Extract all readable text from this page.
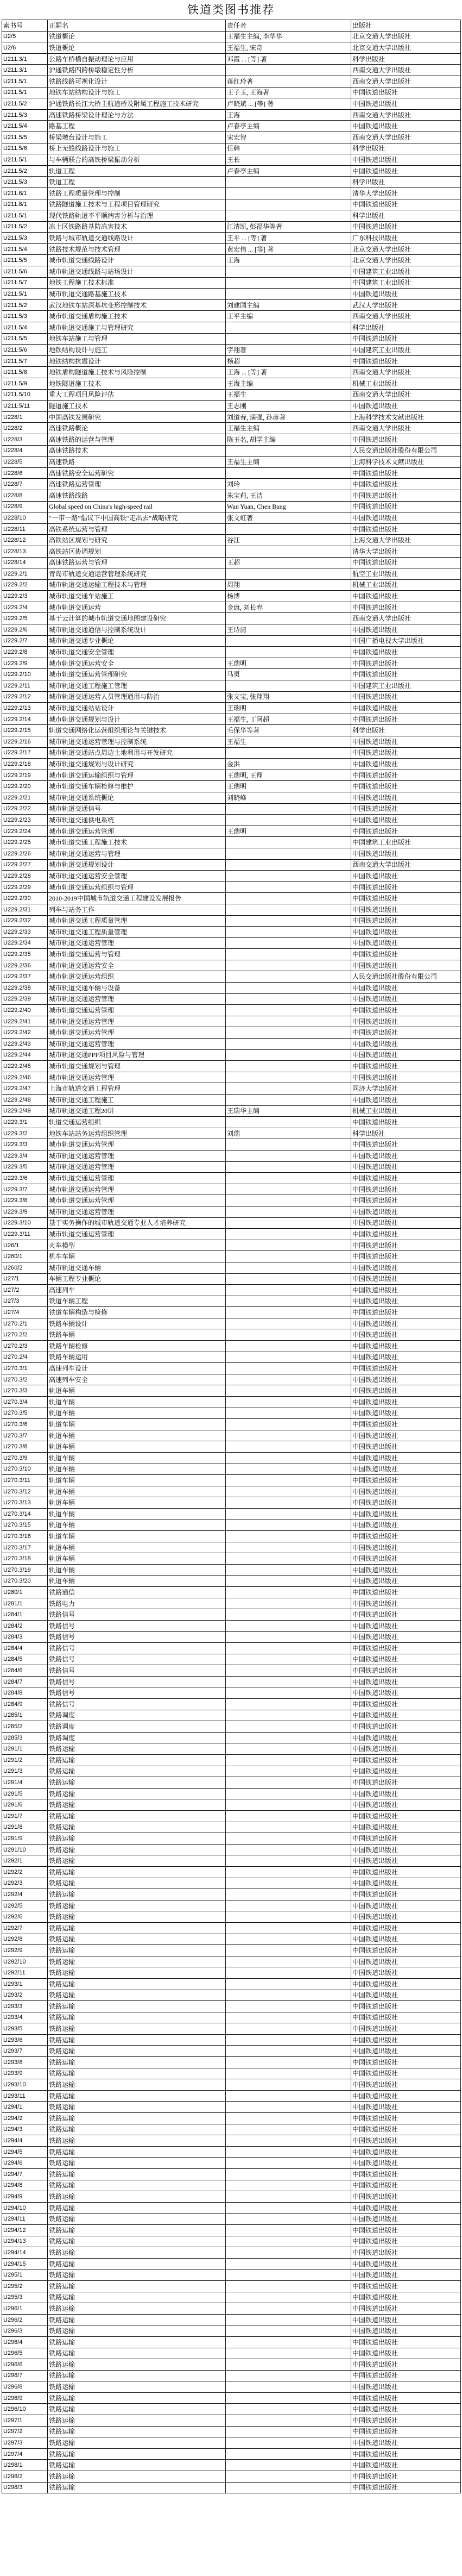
铁道类图书推荐
索书号	正题名	责任者	出版社
U2/5	铁道概论	王福生主编, 李华华	北京交通大学出版社
U2/6	铁道概论	王福生, 宋奇	北京交通大学出版社
U211.3/1	公路车桥横自振动理论与应用	邓霞 ... [等] 著	科学出版社
U211.3/1	沪通铁路四跨桥墩稳定性分析		西南交通大学出版社
U211.5/1	铁路线路可视化设计	蒋红玲著	西南交通大学出版社
U211.5/1	地铁车站结构设计与施工	王子玉, 王海著	中国铁道出版社
U211.5/2	沪通铁路长江大桥主航道桥及附属工程施工技术研究	卢晓斌 ... [等] 著	中国铁道出版社
U211.5/3	高速铁路桥梁设计理论与方法	王海	西南交通大学出版社
U211.5/4	路基工程	卢春亭主编	中国铁道出版社
U211.5/5	桥梁墩台设计与施工	宋宏智	西南交通大学出版社
U211.5/6	桥上无缝线路设计与施工	任韩	科学出版社
U211.5/1	与车辆联合的高铁桥梁振动分析	王长	中国铁道出版社
U211.5/2	轨道工程	卢春亭主编	中国铁道出版社
U211.5/3	铁道工程		科学出版社
U211.6/1	铁路工程质量管理与控制		清华大学出版社
U211.8/1	铁路隧道施工技术与工程项目管理研究		中国铁道出版社
U211.5/1	现代铁路轨道不平顺病害分析与治理		科学出版社
U211.5/2	冻土区铁路路基防冻害技术	江清凯, 彭福华等著	中国铁道出版社
U211.5/3	铁路与城市轨道交通线路设计	王平 ... [等] 著	广东科技出版社
U211.5/4	铁路技术规范与技术管理	黄宏伟 ... [等] 著	北京交通大学出版社
U211.5/5	城市轨道交通线路设计	王海	北京交通大学出版社
U211.5/6	城市轨道交通线路与站场设计		中国建筑工业出版社
U211.5/7	地铁工程施工技术标准		中国建筑工业出版社
U211.5/1	城市轨道交通路基施工技术		中国铁道出版社
U211.5/2	武汉地铁车站深基坑变形控制技术	刘建国主编	武汉大学出版社
U211.5/3	城市轨道交通盾构施工技术	王平主编	西南交通大学出版社
U211.5/4	城市轨道交通施工与管理研究		科学出版社
U211.5/5	地铁车站施工与管理		中国铁道出版社
U211.5/6	地铁结构设计与施工	宇翔著	中国建筑工业出版社
U211.5/7	地铁结构抗震设计	杨超	中国铁道出版社
U211.5/8	地铁盾构隧道施工技术与风险控制	王海 ... [等] 著	西南交通大学出版社
U211.5/9	地铁隧道施工技术	王海主编	机械工业出版社
U211.5/10	重大工程项目风险评估	王福生	西南交通大学出版社
U211.5/11	隧道施工技术	王志刚	中国铁道出版社
U228/1	中国高铁发展研究	刘道春, 蒲强, 孙彦著	上海科学技术文献出版社
U228/2	高速铁路概论	王福生主编	西南交通大学出版社
U228/3	高速铁路的运营与管理	陈玉名, 胡学主编	中国铁道出版社
U228/4	高速铁路技术		人民交通出版社股份有限公司
U228/5	高速铁路	王福生主编	上海科学技术文献出版社
U228/6	高速铁路安全运营研究		中国铁道出版社
U228/7	高速铁路运营管理	刘玲	中国铁道出版社
U228/8	高速铁路线路	朱宝莉, 王洁	中国铁道出版社
U228/9	Global speed on China's high-speed rail	Wan Yuan, Chen Bang	中国铁道出版社
U228/10	“一带一路”倡议下中国高铁“走出去”战略研究	张文虹著	中国铁道出版社
U228/11	高铁系统运营与管理		中国铁道出版社
U228/12	高铁站区规划与研究	谷江	上海交通大学出版社
U228/13	高铁站区协调规划		清华大学出版社
U228/14	高速铁路运营与管理	王超	中国铁道出版社
U229.2/1	青岛市轨道交通运营管理系统研究		航空工业出版社
U229.2/2	城市轨道交通运输工程技术与管理	周翔	机械工业出版社
U229.2/3	城市轨道交通车站施工	杨博	中国铁道出版社
U229.2/4	城市轨道交通运营	金康, 刘长春	中国铁道出版社
U229.2/5	基于云计算的城市轨道交通地图建设研究		西南交通大学出版社
U229.2/6	城市轨道交通通信与控制系统设计	王诗清	中国铁道出版社
U229.2/7	城市轨道交通专业概论		中国广播电视大学出版社
U229.2/8	城市轨道交通安全管理		中国铁道出版社
U229.2/9	城市轨道交通运营安全	王瑞明	中国铁道出版社
U229.2/10	城市轨道交通运营管理研究	马勇	中国铁道出版社
U229.2/11	城市轨道交通工程施工管理		中国建筑工业出版社
U229.2/12	城市轨道交通运营人员管理通用与防治	张文宝, 张翔翔	中国铁道出版社
U229.2/13	城市轨道交通站站设计	王瑞明	中国铁道出版社
U229.2/14	城市轨道交通规划与设计	王福生, 丁阿超	中国铁道出版社
U229.2/15	轨道交通网络化运营组织理论与关键技术	毛保华等著	科学出版社
U229.2/16	城市轨道交通运营管理与控制系统	王福生	中国铁道出版社
U229.2/17	城市轨道交通站点周边土地利用与开发研究		中国铁道出版社
U229.2/18	城市轨道交通规划与设计研究	金洪	中国铁道出版社
U229.2/19	城市轨道交通运输组织与管理	王瑞明, 王翔	中国铁道出版社
U229.2/20	城市轨道交通车辆检修与维护	王瑞明	中国铁道出版社
U229.2/21	城市轨道交通系统概论	刘晓峰	中国铁道出版社
U229.2/22	城市轨道交通信号		中国铁道出版社
U229.2/23	城市轨道交通供电系统		中国铁道出版社
U229.2/24	城市轨道交通运营管理	王瑞明	中国铁道出版社
U229.2/25	城市轨道交通工程施工技术		中国建筑工业出版社
U229.2/26	城市轨道交通运营与管理		中国铁道出版社
U229.2/27	城市轨道交通规划设计		西南交通大学出版社
U229.2/28	城市轨道交通运营安全管理		中国铁道出版社
U229.2/29	城市轨道交通运营组织与管理		中国铁道出版社
U229.2/30	2010-2019中国城市轨道交通工程建设发展报告		中国铁道出版社
U229.2/31	列车与站务工作		中国铁道出版社
U229.2/32	城市轨道交通工程质量管理		中国铁道出版社
U229.2/33	城市轨道交通工程质量管理		中国铁道出版社
U229.2/34	城市轨道交通运营管理		中国铁道出版社
U229.2/35	城市轨道交通运营与管理		中国铁道出版社
U229.2/36	城市轨道交通运营安全		中国铁道出版社
U229.2/37	城市轨道交通运营组织		人民交通出版社股份有限公司
U229.2/38	城市轨道交通车辆与设备		中国铁道出版社
U229.2/39	城市轨道交通运营管理		中国铁道出版社
U229.2/40	城市轨道交通运营管理		中国铁道出版社
U229.2/41	城市轨道交通运营管理		中国铁道出版社
U229.2/42	城市轨道交通运营管理		中国铁道出版社
U229.2/43	城市轨道交通运营管理		中国铁道出版社
U229.2/44	城市轨道交通PPP项目风险与管理		中国铁道出版社
U229.2/45	城市轨道交通规划与管理		中国铁道出版社
U229.2/46	城市轨道交通运营管理		中国铁道出版社
U229.2/47	上海市轨道交通工程管理		同济大学出版社
U229.2/48	城市轨道交通工程施工		中国铁道出版社
U229.2/49	城市轨道交通工程20讲	王瑞华主编	机械工业出版社
U229.3/1	轨道交通运营组织		中国铁道出版社
U229.3/2	地铁车站站务运营组织管理	刘瑞	科学出版社
U229.3/3	城市轨道交通运营管理		中国铁道出版社
U229.3/4	城市轨道交通运营管理		中国铁道出版社
U229.3/5	城市轨道交通运营管理		中国铁道出版社
U229.3/6	城市轨道交通运营管理		中国铁道出版社
U229.3/7	城市轨道交通运营管理		中国铁道出版社
U229.3/8	城市轨道交通运营管理		中国铁道出版社
U229.3/9	城市轨道交通运营管理		中国铁道出版社
U229.3/10	基于实务操作的城市轨道交通专业人才培养研究		中国铁道出版社
U229.3/11	城市轨道交通运营管理		中国铁道出版社
U26/1	火车模型		中国铁道出版社
U260/1	机车车辆		中国铁道出版社
U260/2	城市轨道交通车辆		中国铁道出版社
U27/1	车辆工程专业概论		中国铁道出版社
U27/2	高速列车		中国铁道出版社
U27/3	铁道车辆工程		中国铁道出版社
U27/4	铁道车辆构造与检修		中国铁道出版社
U270.2/1	铁路车辆设计		中国铁道出版社
U270.2/2	铁路车辆		中国铁道出版社
U270.2/3	铁路车辆检修		中国铁道出版社
U270.2/4	铁路车辆运用		中国铁道出版社
U270.3/1	高速列车设计		中国铁道出版社
U270.3/2	高速列车安全		中国铁道出版社
U270.3/3	轨道车辆		中国铁道出版社
U270.3/4	轨道车辆		中国铁道出版社
U270.3/5	轨道车辆		中国铁道出版社
U270.3/6	轨道车辆		中国铁道出版社
U270.3/7	轨道车辆		中国铁道出版社
U270.3/8	轨道车辆		中国铁道出版社
U270.3/9	轨道车辆		中国铁道出版社
U270.3/10	轨道车辆		中国铁道出版社
U270.3/11	轨道车辆		中国铁道出版社
U270.3/12	轨道车辆		中国铁道出版社
U270.3/13	轨道车辆		中国铁道出版社
U270.3/14	轨道车辆		中国铁道出版社
U270.3/15	轨道车辆		中国铁道出版社
U270.3/16	轨道车辆		中国铁道出版社
U270.3/17	轨道车辆		中国铁道出版社
U270.3/18	轨道车辆		中国铁道出版社
U270.3/19	轨道车辆		中国铁道出版社
U270.3/20	轨道车辆		中国铁道出版社
U280/1	铁路通信		中国铁道出版社
U281/1	铁路电力		中国铁道出版社
U284/1	铁路信号		中国铁道出版社
U284/2	铁路信号		中国铁道出版社
U284/3	铁路信号		中国铁道出版社
U284/4	铁路信号		中国铁道出版社
U284/5	铁路信号		中国铁道出版社
U284/6	铁路信号		中国铁道出版社
U284/7	铁路信号		中国铁道出版社
U284/8	铁路信号		中国铁道出版社
U284/9	铁路信号		中国铁道出版社
U285/1	铁路调度		中国铁道出版社
U285/2	铁路调度		中国铁道出版社
U285/3	铁路调度		中国铁道出版社
U291/1	铁路运输		中国铁道出版社
U291/2	铁路运输		中国铁道出版社
U291/3	铁路运输		中国铁道出版社
U291/4	铁路运输		中国铁道出版社
U291/5	铁路运输		中国铁道出版社
U291/6	铁路运输		中国铁道出版社
U291/7	铁路运输		中国铁道出版社
U291/8	铁路运输		中国铁道出版社
U291/9	铁路运输		中国铁道出版社
U291/10	铁路运输		中国铁道出版社
U292/1	铁路运输		中国铁道出版社
U292/2	铁路运输		中国铁道出版社
U292/3	铁路运输		中国铁道出版社
U292/4	铁路运输		中国铁道出版社
U292/5	铁路运输		中国铁道出版社
U292/6	铁路运输		中国铁道出版社
U292/7	铁路运输		中国铁道出版社
U292/8	铁路运输		中国铁道出版社
U292/9	铁路运输		中国铁道出版社
U292/10	铁路运输		中国铁道出版社
U292/11	铁路运输		中国铁道出版社
U293/1	铁路运输		中国铁道出版社
U293/2	铁路运输		中国铁道出版社
U293/3	铁路运输		中国铁道出版社
U293/4	铁路运输		中国铁道出版社
U293/5	铁路运输		中国铁道出版社
U293/6	铁路运输		中国铁道出版社
U293/7	铁路运输		中国铁道出版社
U293/8	铁路运输		中国铁道出版社
U293/9	铁路运输		中国铁道出版社
U293/10	铁路运输		中国铁道出版社
U293/11	铁路运输		中国铁道出版社
U294/1	铁路运输		中国铁道出版社
U294/2	铁路运输		中国铁道出版社
U294/3	铁路运输		中国铁道出版社
U294/4	铁路运输		中国铁道出版社
U294/5	铁路运输		中国铁道出版社
U294/6	铁路运输		中国铁道出版社
U294/7	铁路运输		中国铁道出版社
U294/8	铁路运输		中国铁道出版社
U294/9	铁路运输		中国铁道出版社
U294/10	铁路运输		中国铁道出版社
U294/11	铁路运输		中国铁道出版社
U294/12	铁路运输		中国铁道出版社
U294/13	铁路运输		中国铁道出版社
U294/14	铁路运输		中国铁道出版社
U294/15	铁路运输		中国铁道出版社
U295/1	铁路运输		中国铁道出版社
U295/2	铁路运输		中国铁道出版社
U295/3	铁路运输		中国铁道出版社
U296/1	铁路运输		中国铁道出版社
U296/2	铁路运输		中国铁道出版社
U296/3	铁路运输		中国铁道出版社
U296/4	铁路运输		中国铁道出版社
U296/5	铁路运输		中国铁道出版社
U296/6	铁路运输		中国铁道出版社
U296/7	铁路运输		中国铁道出版社
U296/8	铁路运输		中国铁道出版社
U296/9	铁路运输		中国铁道出版社
U296/10	铁路运输		中国铁道出版社
U297/1	铁路运输		中国铁道出版社
U297/2	铁路运输		中国铁道出版社
U297/3	铁路运输		中国铁道出版社
U297/4	铁路运输		中国铁道出版社
U298/1	铁路运输		中国铁道出版社
U298/2	铁路运输		中国铁道出版社
U298/3	铁路运输		中国铁道出版社
